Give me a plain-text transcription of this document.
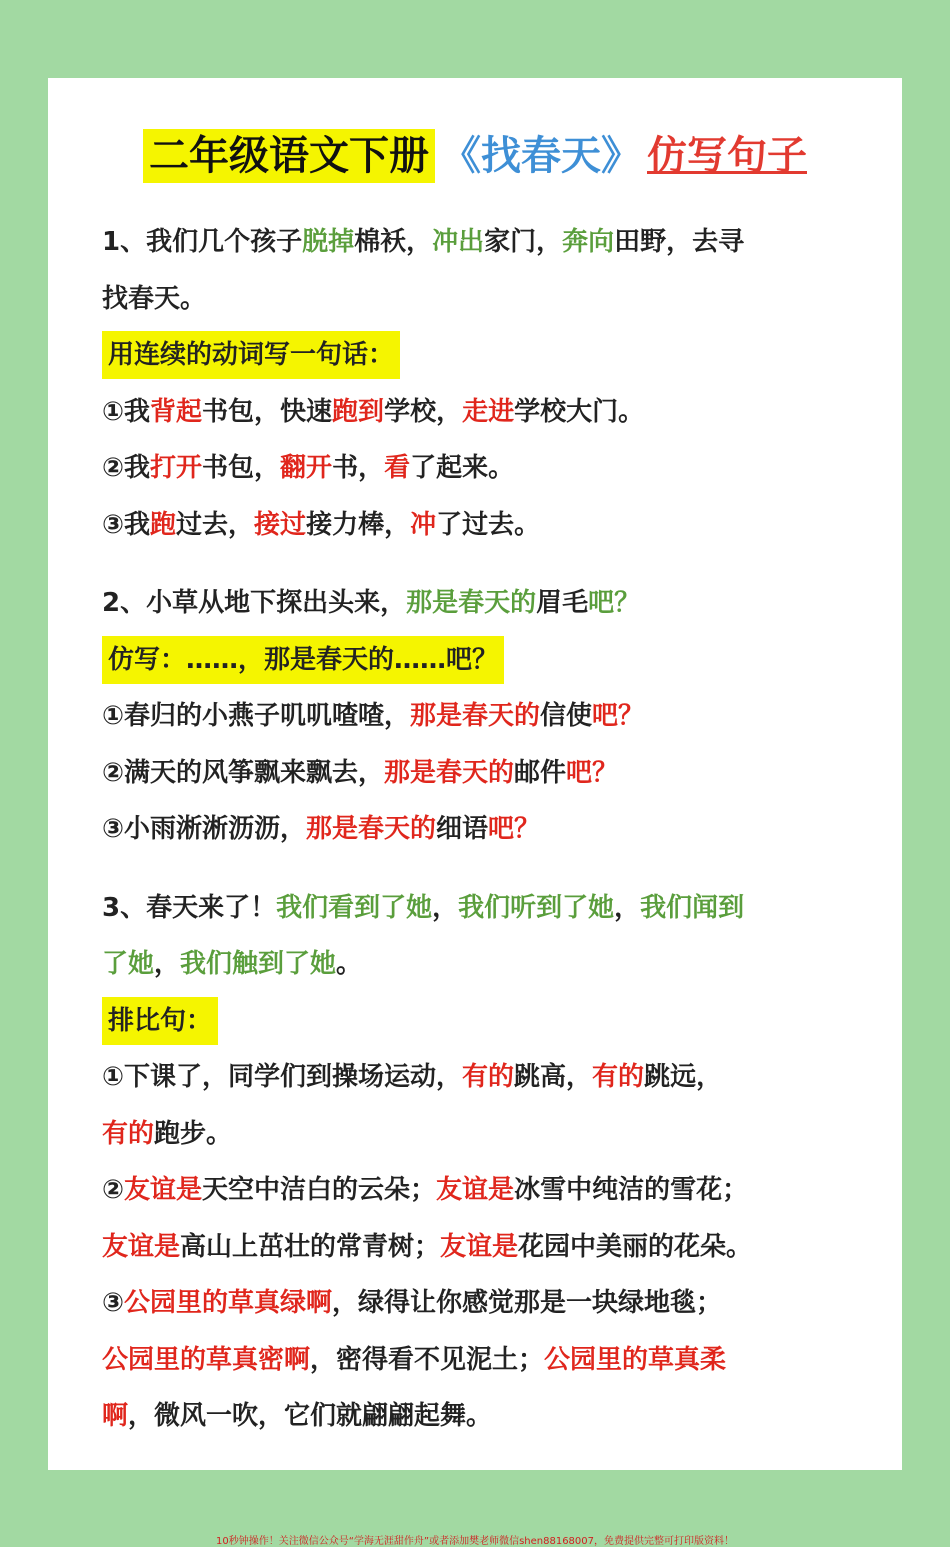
二年级语文下册 《找春天》 仿写句子
1、我们几个孩子脱掉棉袄，冲出家门，奔向田野，去寻
找春天。
用连续的动词写一句话：
①我背起书包，快速跑到学校，走进学校大门。
②我打开书包，翻开书，看了起来。
③我跑过去，接过接力棒，冲了过去。
2、小草从地下探出头来，那是春天的眉毛吧？
仿写：……，那是春天的……吧？
①春归的小燕子叽叽喳喳，那是春天的信使吧？
②满天的风筝飘来飘去，那是春天的邮件吧？
③小雨淅淅沥沥，那是春天的细语吧？
3、春天来了！我们看到了她，我们听到了她，我们闻到
了她，我们触到了她。
排比句：
①下课了，同学们到操场运动，有的跳高，有的跳远，
有的跑步。
②友谊是天空中洁白的云朵；友谊是冰雪中纯洁的雪花；
友谊是高山上茁壮的常青树；友谊是花园中美丽的花朵。
③公园里的草真绿啊，绿得让你感觉那是一块绿地毯；
公园里的草真密啊，密得看不见泥土；公园里的草真柔
啊，微风一吹，它们就翩翩起舞。
10秒钟操作！关注微信公众号“学海无涯甜作舟”或者添加樊老师微信shen88168007，免费提供完整可打印版资料！
